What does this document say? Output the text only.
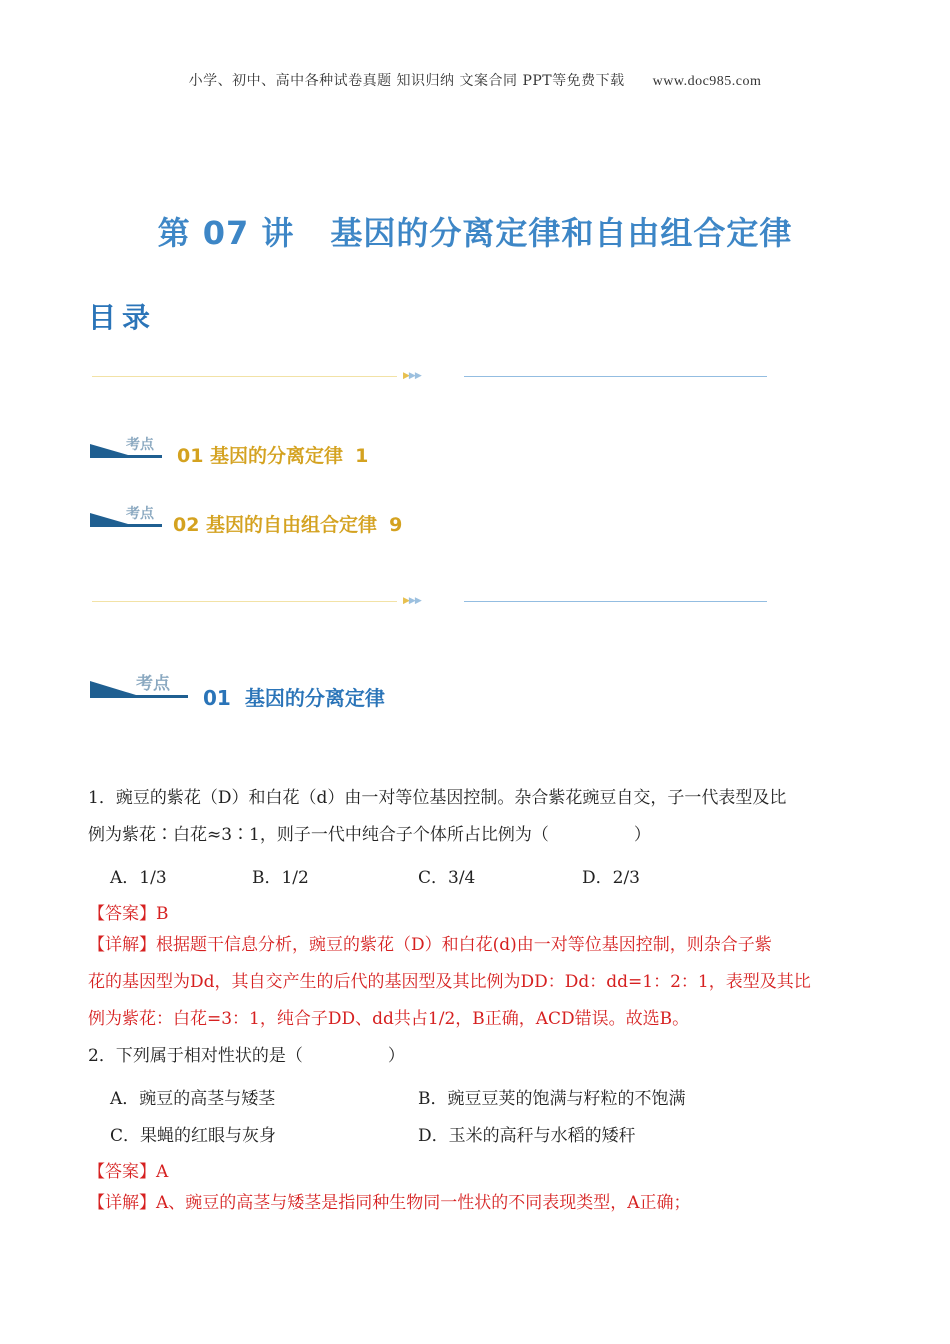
小学、初中、高中各种试卷真题 知识归纳 文案合同 PPT等免费下载 www.doc985.com
第 07 讲 基因的分离定律和自由组合定律
目录
▶▶▶
考点 01 基因的分离定律 1
考点 02 基因的自由组合定律 9
▶▶▶
考点
01 基因的分离定律
1．豌豆的紫花（D）和白花（d）由一对等位基因控制。杂合紫花豌豆自交，子一代表型及比
例为紫花∶白花≈3∶1，则子一代中纯合子个体所占比例为（　　　　　）
A．1/3	B．1/2	C．3/4	D．2/3
【答案】B
【详解】根据题干信息分析，豌豆的紫花（D）和白花(d)由一对等位基因控制，则杂合子紫
花的基因型为Dd，其自交产生的后代的基因型及其比例为DD：Dd：dd=1：2：1，表型及其比
例为紫花：白花=3：1，纯合子DD、dd共占1/2，B正确，ACD错误。故选B。
2．下列属于相对性状的是（　　　　　）
A．豌豆的高茎与矮茎	B．豌豆豆荚的饱满与籽粒的不饱满
C．果蝇的红眼与灰身	D．玉米的高秆与水稻的矮秆
【答案】A
【详解】A、豌豆的高茎与矮茎是指同种生物同一性状的不同表现类型，A正确；
